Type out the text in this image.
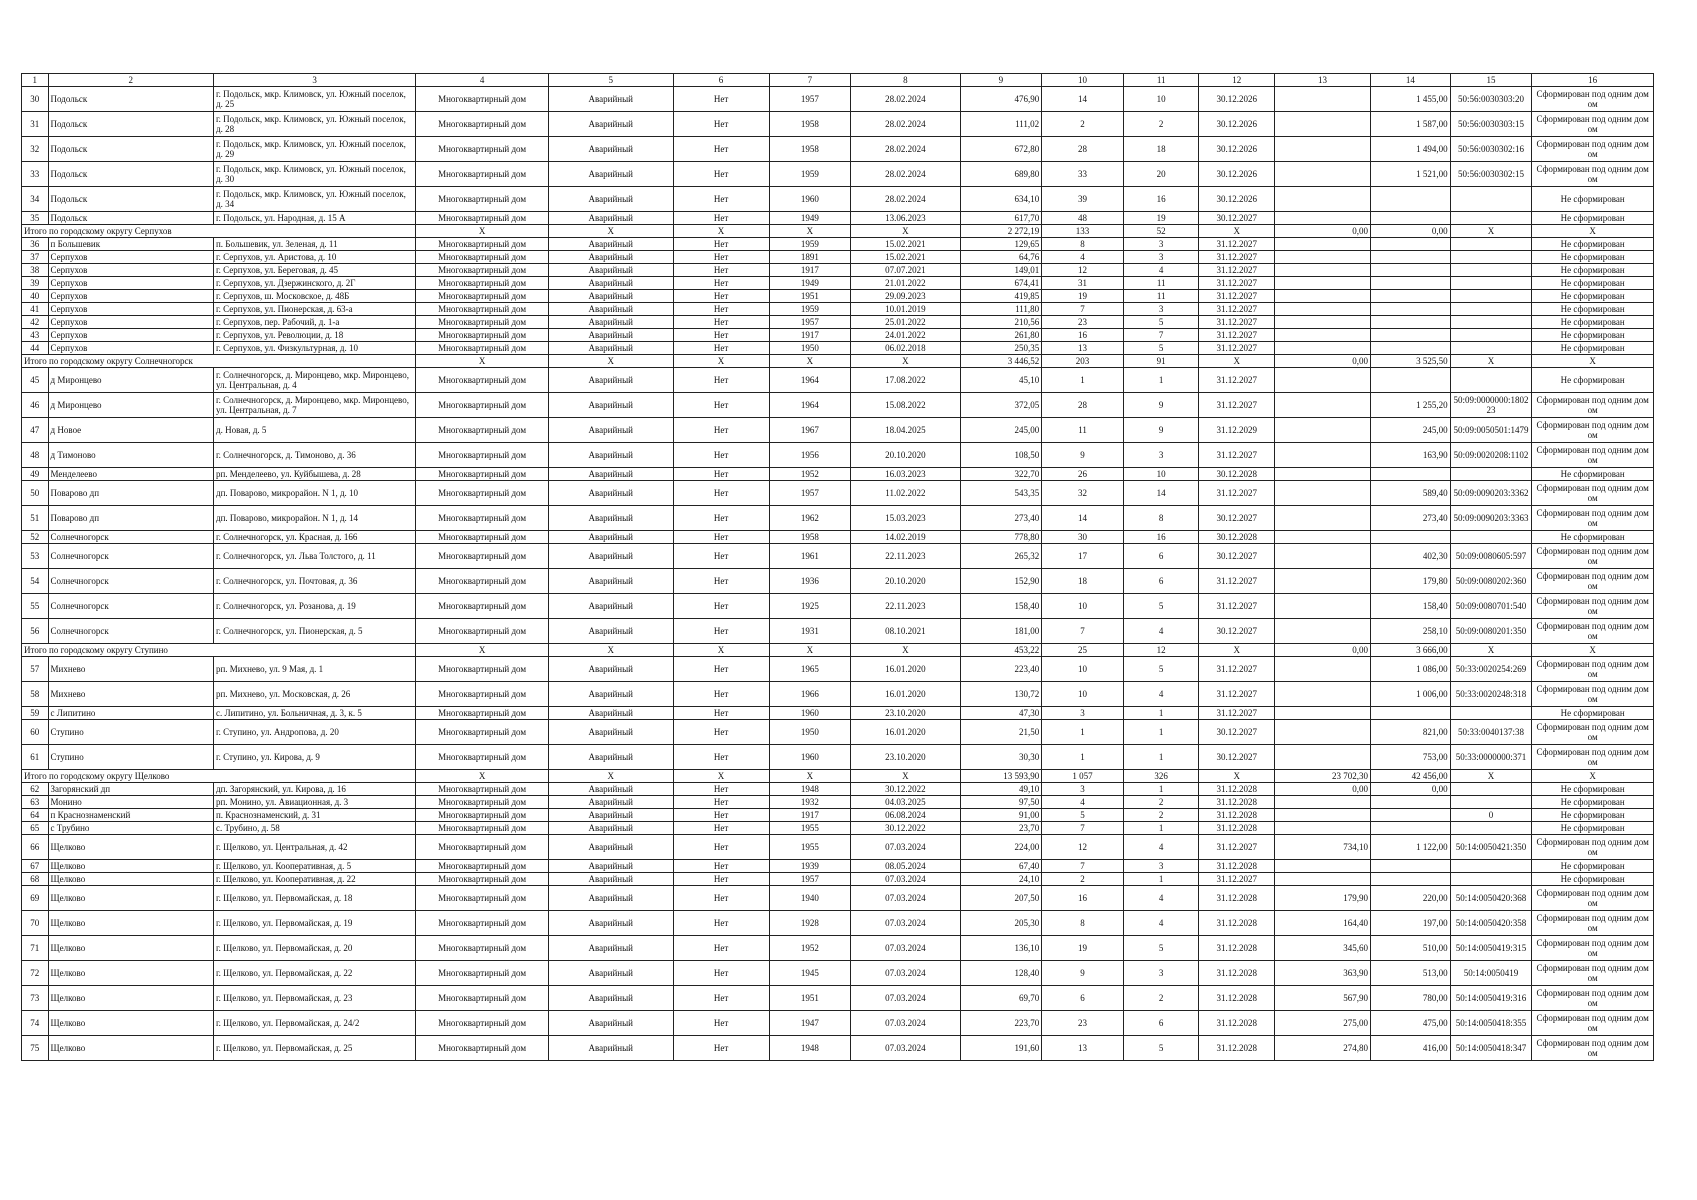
1	2	3	4	5	6	7	8	9	10	11	12	13	14	15	16
30	Подольск	г. Подольск, мкр. Климовск, ул. Южный поселок, д. 25	Многоквартирный дом	Аварийный	Нет	1957	28.02.2024	476,90	14	10	30.12.2026		1 455,00	50:56:0030303:20	Сформирован под одним домом
31	Подольск	г. Подольск, мкр. Климовск, ул. Южный поселок, д. 28	Многоквартирный дом	Аварийный	Нет	1958	28.02.2024	111,02	2	2	30.12.2026		1 587,00	50:56:0030303:15	Сформирован под одним домом
32	Подольск	г. Подольск, мкр. Климовск, ул. Южный поселок, д. 29	Многоквартирный дом	Аварийный	Нет	1958	28.02.2024	672,80	28	18	30.12.2026		1 494,00	50:56:0030302:16	Сформирован под одним домом
33	Подольск	г. Подольск, мкр. Климовск, ул. Южный поселок, д. 30	Многоквартирный дом	Аварийный	Нет	1959	28.02.2024	689,80	33	20	30.12.2026		1 521,00	50:56:0030302:15	Сформирован под одним домом
34	Подольск	г. Подольск, мкр. Климовск, ул. Южный поселок, д. 34	Многоквартирный дом	Аварийный	Нет	1960	28.02.2024	634,10	39	16	30.12.2026				Не сформирован
35	Подольск	г. Подольск, ул. Народная, д. 15 А	Многоквартирный дом	Аварийный	Нет	1949	13.06.2023	617,70	48	19	30.12.2027				Не сформирован
Итого по городскому округу Серпухов			X	X	X	X	X	2 272,19	133	52	X	0,00	0,00	X	X
36	п Большевик	п. Большевик, ул. Зеленая, д. 11	Многоквартирный дом	Аварийный	Нет	1959	15.02.2021	129,65	8	3	31.12.2027				Не сформирован
37	Серпухов	г. Серпухов, ул. Аристова, д. 10	Многоквартирный дом	Аварийный	Нет	1891	15.02.2021	64,76	4	3	31.12.2027				Не сформирован
38	Серпухов	г. Серпухов, ул. Береговая, д. 45	Многоквартирный дом	Аварийный	Нет	1917	07.07.2021	149,01	12	4	31.12.2027				Не сформирован
39	Серпухов	г. Серпухов, ул. Дзержинского, д. 2Г	Многоквартирный дом	Аварийный	Нет	1949	21.01.2022	674,41	31	11	31.12.2027				Не сформирован
40	Серпухов	г. Серпухов, ш. Московское, д. 48Б	Многоквартирный дом	Аварийный	Нет	1951	29.09.2023	419,85	19	11	31.12.2027				Не сформирован
41	Серпухов	г. Серпухов, ул. Пионерская, д. 63-а	Многоквартирный дом	Аварийный	Нет	1959	10.01.2019	111,80	7	3	31.12.2027				Не сформирован
42	Серпухов	г. Серпухов, пер. Рабочий, д. 1-а	Многоквартирный дом	Аварийный	Нет	1957	25.01.2022	210,56	23	5	31.12.2027				Не сформирован
43	Серпухов	г. Серпухов, ул. Революции, д. 18	Многоквартирный дом	Аварийный	Нет	1917	24.01.2022	261,80	16	7	31.12.2027				Не сформирован
44	Серпухов	г. Серпухов, ул. Физкультурная, д. 10	Многоквартирный дом	Аварийный	Нет	1950	06.02.2018	250,35	13	5	31.12.2027				Не сформирован
Итого по городскому округу Солнечногорск			X	X	X	X	X	3 446,52	203	91	X	0,00	3 525,50	X	X
45	д Миронцево	г. Солнечногорск, д. Миронцево, мкр. Миронцево, ул. Центральная, д. 4	Многоквартирный дом	Аварийный	Нет	1964	17.08.2022	45,10	1	1	31.12.2027				Не сформирован
46	д Миронцево	г. Солнечногорск, д. Миронцево, мкр. Миронцево, ул. Центральная, д. 7	Многоквартирный дом	Аварийный	Нет	1964	15.08.2022	372,05	28	9	31.12.2027		1 255,20	50:09:0000000:180223	Сформирован под одним домом
47	д Новое	д. Новая, д. 5	Многоквартирный дом	Аварийный	Нет	1967	18.04.2025	245,00	11	9	31.12.2029		245,00	50:09:0050501:1479	Сформирован под одним домом
48	д Тимоново	г. Солнечногорск, д. Тимоново, д. 36	Многоквартирный дом	Аварийный	Нет	1956	20.10.2020	108,50	9	3	31.12.2027		163,90	50:09:0020208:1102	Сформирован под одним домом
49	Менделеево	рп. Менделеево, ул. Куйбышева, д. 28	Многоквартирный дом	Аварийный	Нет	1952	16.03.2023	322,70	26	10	30.12.2028				Не сформирован
50	Поварово дп	дп. Поварово, микрорайон. N 1, д. 10	Многоквартирный дом	Аварийный	Нет	1957	11.02.2022	543,35	32	14	31.12.2027		589,40	50:09:0090203:3362	Сформирован под одним домом
51	Поварово дп	дп. Поварово, микрорайон. N 1, д. 14	Многоквартирный дом	Аварийный	Нет	1962	15.03.2023	273,40	14	8	30.12.2027		273,40	50:09:0090203:3363	Сформирован под одним домом
52	Солнечногорск	г. Солнечногорск, ул. Красная, д. 166	Многоквартирный дом	Аварийный	Нет	1958	14.02.2019	778,80	30	16	30.12.2028				Не сформирован
53	Солнечногорск	г. Солнечногорск, ул. Льва Толстого, д. 11	Многоквартирный дом	Аварийный	Нет	1961	22.11.2023	265,32	17	6	30.12.2027		402,30	50:09:0080605:597	Сформирован под одним домом
54	Солнечногорск	г. Солнечногорск, ул. Почтовая, д. 36	Многоквартирный дом	Аварийный	Нет	1936	20.10.2020	152,90	18	6	31.12.2027		179,80	50:09:0080202:360	Сформирован под одним домом
55	Солнечногорск	г. Солнечногорск, ул. Розанова, д. 19	Многоквартирный дом	Аварийный	Нет	1925	22.11.2023	158,40	10	5	31.12.2027		158,40	50:09:0080701:540	Сформирован под одним домом
56	Солнечногорск	г. Солнечногорск, ул. Пионерская, д. 5	Многоквартирный дом	Аварийный	Нет	1931	08.10.2021	181,00	7	4	30.12.2027		258,10	50:09:0080201:350	Сформирован под одним домом
Итого по городскому округу Ступино			X	X	X	X	X	453,22	25	12	X	0,00	3 666,00	X	X
57	Михнево	рп. Михнево, ул. 9 Мая, д. 1	Многоквартирный дом	Аварийный	Нет	1965	16.01.2020	223,40	10	5	31.12.2027		1 086,00	50:33:0020254:269	Сформирован под одним домом
58	Михнево	рп. Михнево, ул. Московская, д. 26	Многоквартирный дом	Аварийный	Нет	1966	16.01.2020	130,72	10	4	31.12.2027		1 006,00	50:33:0020248:318	Сформирован под одним домом
59	с Липитино	с. Липитино, ул. Больничная, д. 3, к. 5	Многоквартирный дом	Аварийный	Нет	1960	23.10.2020	47,30	3	1	31.12.2027				Не сформирован
60	Ступино	г. Ступино, ул. Андропова, д. 20	Многоквартирный дом	Аварийный	Нет	1950	16.01.2020	21,50	1	1	30.12.2027		821,00	50:33:0040137:38	Сформирован под одним домом
61	Ступино	г. Ступино, ул. Кирова, д. 9	Многоквартирный дом	Аварийный	Нет	1960	23.10.2020	30,30	1	1	30.12.2027		753,00	50:33:0000000:371	Сформирован под одним домом
Итого по городскому округу Щелково			X	X	X	X	X	13 593,90	1 057	326	X	23 702,30	42 456,00	X	X
62	Загорянский дп	дп. Загорянский, ул. Кирова, д. 16	Многоквартирный дом	Аварийный	Нет	1948	30.12.2022	49,10	3	1	31.12.2028	0,00	0,00		Не сформирован
63	Монино	рп. Монино, ул. Авиационная, д. 3	Многоквартирный дом	Аварийный	Нет	1932	04.03.2025	97,50	4	2	31.12.2028				Не сформирован
64	п Краснознаменский	п. Краснознаменский, д. 31	Многоквартирный дом	Аварийный	Нет	1917	06.08.2024	91,00	5	2	31.12.2028			0	Не сформирован
65	с Трубино	с. Трубино, д. 58	Многоквартирный дом	Аварийный	Нет	1955	30.12.2022	23,70	7	1	31.12.2028				Не сформирован
66	Щелково	г. Щелково, ул. Центральная, д. 42	Многоквартирный дом	Аварийный	Нет	1955	07.03.2024	224,00	12	4	31.12.2027	734,10	1 122,00	50:14:0050421:350	Сформирован под одним домом
67	Щелково	г. Щелково, ул. Кооперативная, д. 5	Многоквартирный дом	Аварийный	Нет	1939	08.05.2024	67,40	7	3	31.12.2028				Не сформирован
68	Щелково	г. Щелково, ул. Кооперативная, д. 22	Многоквартирный дом	Аварийный	Нет	1957	07.03.2024	24,10	2	1	31.12.2027				Не сформирован
69	Щелково	г. Щелково, ул. Первомайская, д. 18	Многоквартирный дом	Аварийный	Нет	1940	07.03.2024	207,50	16	4	31.12.2028	179,90	220,00	50:14:0050420:368	Сформирован под одним домом
70	Щелково	г. Щелково, ул. Первомайская, д. 19	Многоквартирный дом	Аварийный	Нет	1928	07.03.2024	205,30	8	4	31.12.2028	164,40	197,00	50:14:0050420:358	Сформирован под одним домом
71	Щелково	г. Щелково, ул. Первомайская, д. 20	Многоквартирный дом	Аварийный	Нет	1952	07.03.2024	136,10	19	5	31.12.2028	345,60	510,00	50:14:0050419:315	Сформирован под одним домом
72	Щелково	г. Щелково, ул. Первомайская, д. 22	Многоквартирный дом	Аварийный	Нет	1945	07.03.2024	128,40	9	3	31.12.2028	363,90	513,00	50:14:0050419	Сформирован под одним домом
73	Щелково	г. Щелково, ул. Первомайская, д. 23	Многоквартирный дом	Аварийный	Нет	1951	07.03.2024	69,70	6	2	31.12.2028	567,90	780,00	50:14:0050419:316	Сформирован под одним домом
74	Щелково	г. Щелково, ул. Первомайская, д. 24/2	Многоквартирный дом	Аварийный	Нет	1947	07.03.2024	223,70	23	6	31.12.2028	275,00	475,00	50:14:0050418:355	Сформирован под одним домом
75	Щелково	г. Щелково, ул. Первомайская, д. 25	Многоквартирный дом	Аварийный	Нет	1948	07.03.2024	191,60	13	5	31.12.2028	274,80	416,00	50:14:0050418:347	Сформирован под одним домом
